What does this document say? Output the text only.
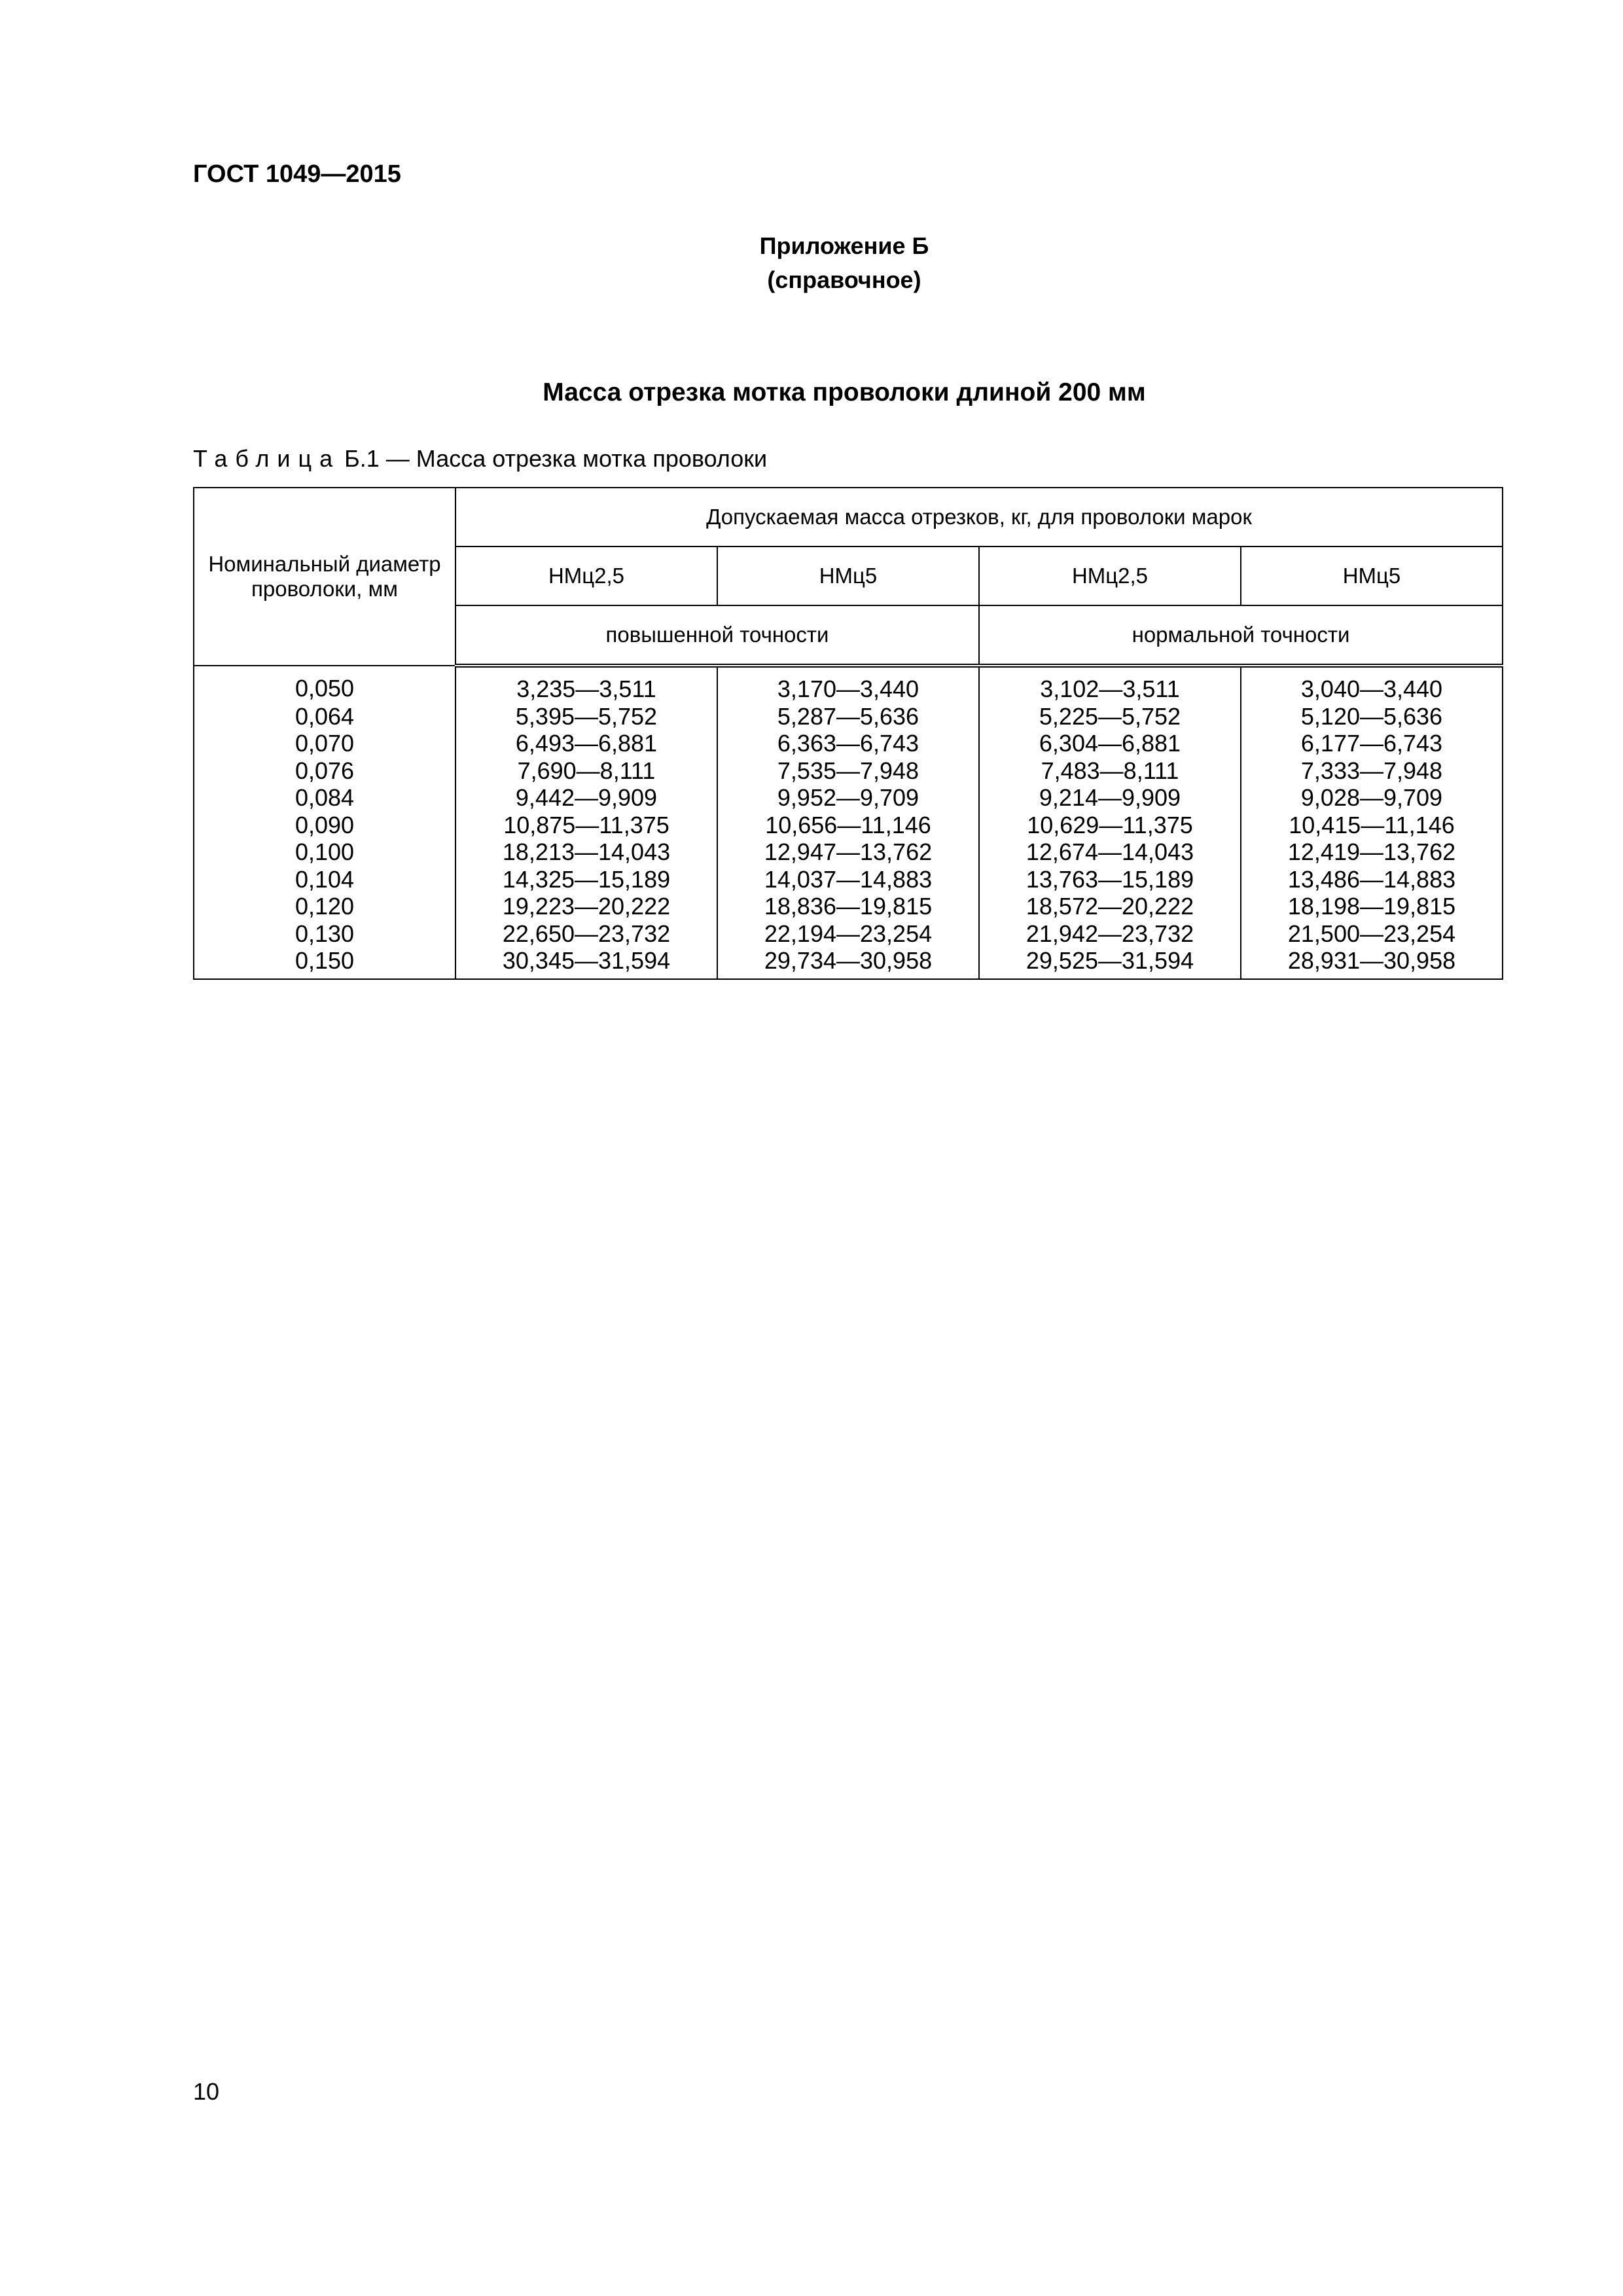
ГОСТ 1049—2015
Приложение Б
(справочное)
Масса отрезка мотка проволоки длиной 200 мм
Таблица Б.1 — Масса отрезка мотка проволоки
Номинальный диаметр проволоки, мм	Допускаемая масса отрезков, кг, для проволоки марок			
	НМц2,5	НМц5	НМц2,5	НМц5
	повышенной точности		нормальной точности	
0,050	3,235—3,511	3,170—3,440	3,102—3,511	3,040—3,440
0,064	5,395—5,752	5,287—5,636	5,225—5,752	5,120—5,636
0,070	6,493—6,881	6,363—6,743	6,304—6,881	6,177—6,743
0,076	7,690—8,111	7,535—7,948	7,483—8,111	7,333—7,948
0,084	9,442—9,909	9,952—9,709	9,214—9,909	9,028—9,709
0,090	10,875—11,375	10,656—11,146	10,629—11,375	10,415—11,146
0,100	18,213—14,043	12,947—13,762	12,674—14,043	12,419—13,762
0,104	14,325—15,189	14,037—14,883	13,763—15,189	13,486—14,883
0,120	19,223—20,222	18,836—19,815	18,572—20,222	18,198—19,815
0,130	22,650—23,732	22,194—23,254	21,942—23,732	21,500—23,254
0,150	30,345—31,594	29,734—30,958	29,525—31,594	28,931—30,958
10
